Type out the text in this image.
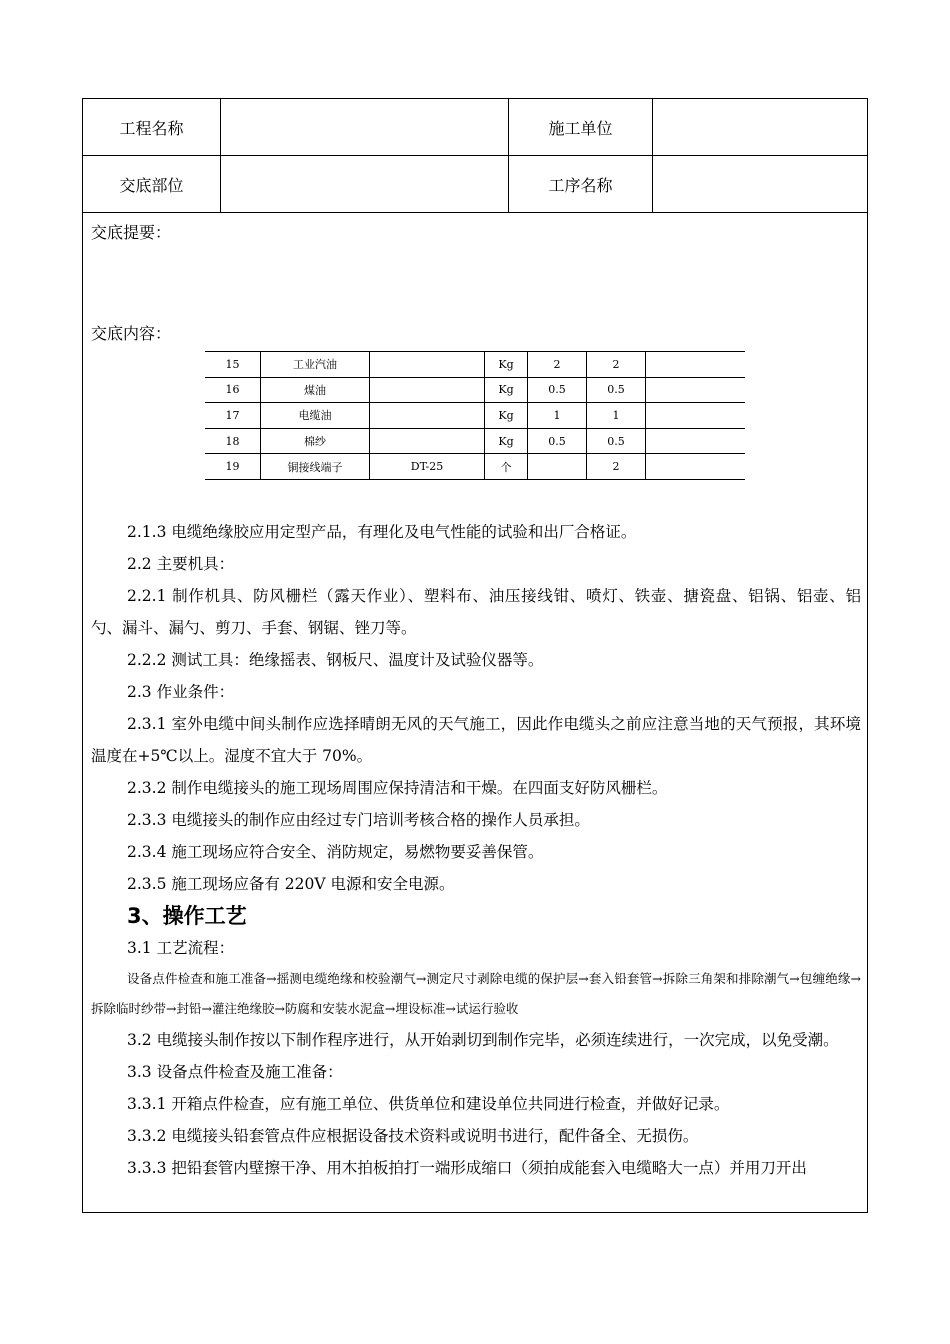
工程名称		施工单位	
交底部位		工序名称	
交底提要：
交底内容：
15	工业汽油		Kg	2	2	
16	煤油		Kg	0.5	0.5	
17	电缆油		Kg	1	1	
18	棉纱		Kg	0.5	0.5	
19	铜接线端子	DT-25	个		2	

2.1.3 电缆绝缘胶应用定型产品，有理化及电气性能的试验和出厂合格证。

2.2 主要机具：

2.2.1 制作机具、防风栅栏（露天作业）、塑料布、油压接线钳、喷灯、铁壶、搪瓷盘、铝锅、铝壶、铝勺、漏斗、漏勺、剪刀、手套、钢锯、锉刀等。

2.2.2 测试工具：绝缘摇表、钢板尺、温度计及试验仪器等。

2.3 作业条件：

2.3.1 室外电缆中间头制作应选择晴朗无风的天气施工，因此作电缆头之前应注意当地的天气预报，其环境温度在+5℃以上。湿度不宜大于 70%。

2.3.2 制作电缆接头的施工现场周围应保持清洁和干燥。在四面支好防风栅栏。

2.3.3 电缆接头的制作应由经过专门培训考核合格的操作人员承担。

2.3.4 施工现场应符合安全、消防规定，易燃物要妥善保管。

2.3.5 施工现场应备有 220V 电源和安全电源。

3、操作工艺

3.1 工艺流程：

设备点件检查和施工准备→摇测电缆绝缘和校验潮气→测定尺寸剥除电缆的保护层→套入铅套管→拆除三角架和排除潮气→包缠绝缘→拆除临时纱带→封铅→灌注绝缘胶→防腐和安装水泥盒→埋设标准→试运行验收

3.2 电缆接头制作按以下制作程序进行，从开始剥切到制作完毕，必须连续进行，一次完成，以免受潮。

3.3 设备点件检查及施工准备：

3.3.1 开箱点件检查，应有施工单位、供货单位和建设单位共同进行检查，并做好记录。

3.3.2 电缆接头铅套管点件应根据设备技术资料或说明书进行，配件备全、无损伤。

3.3.3 把铅套管内壁擦干净、用木拍板拍打一端形成缩口（须拍成能套入电缆略大一点）并用刀开出
